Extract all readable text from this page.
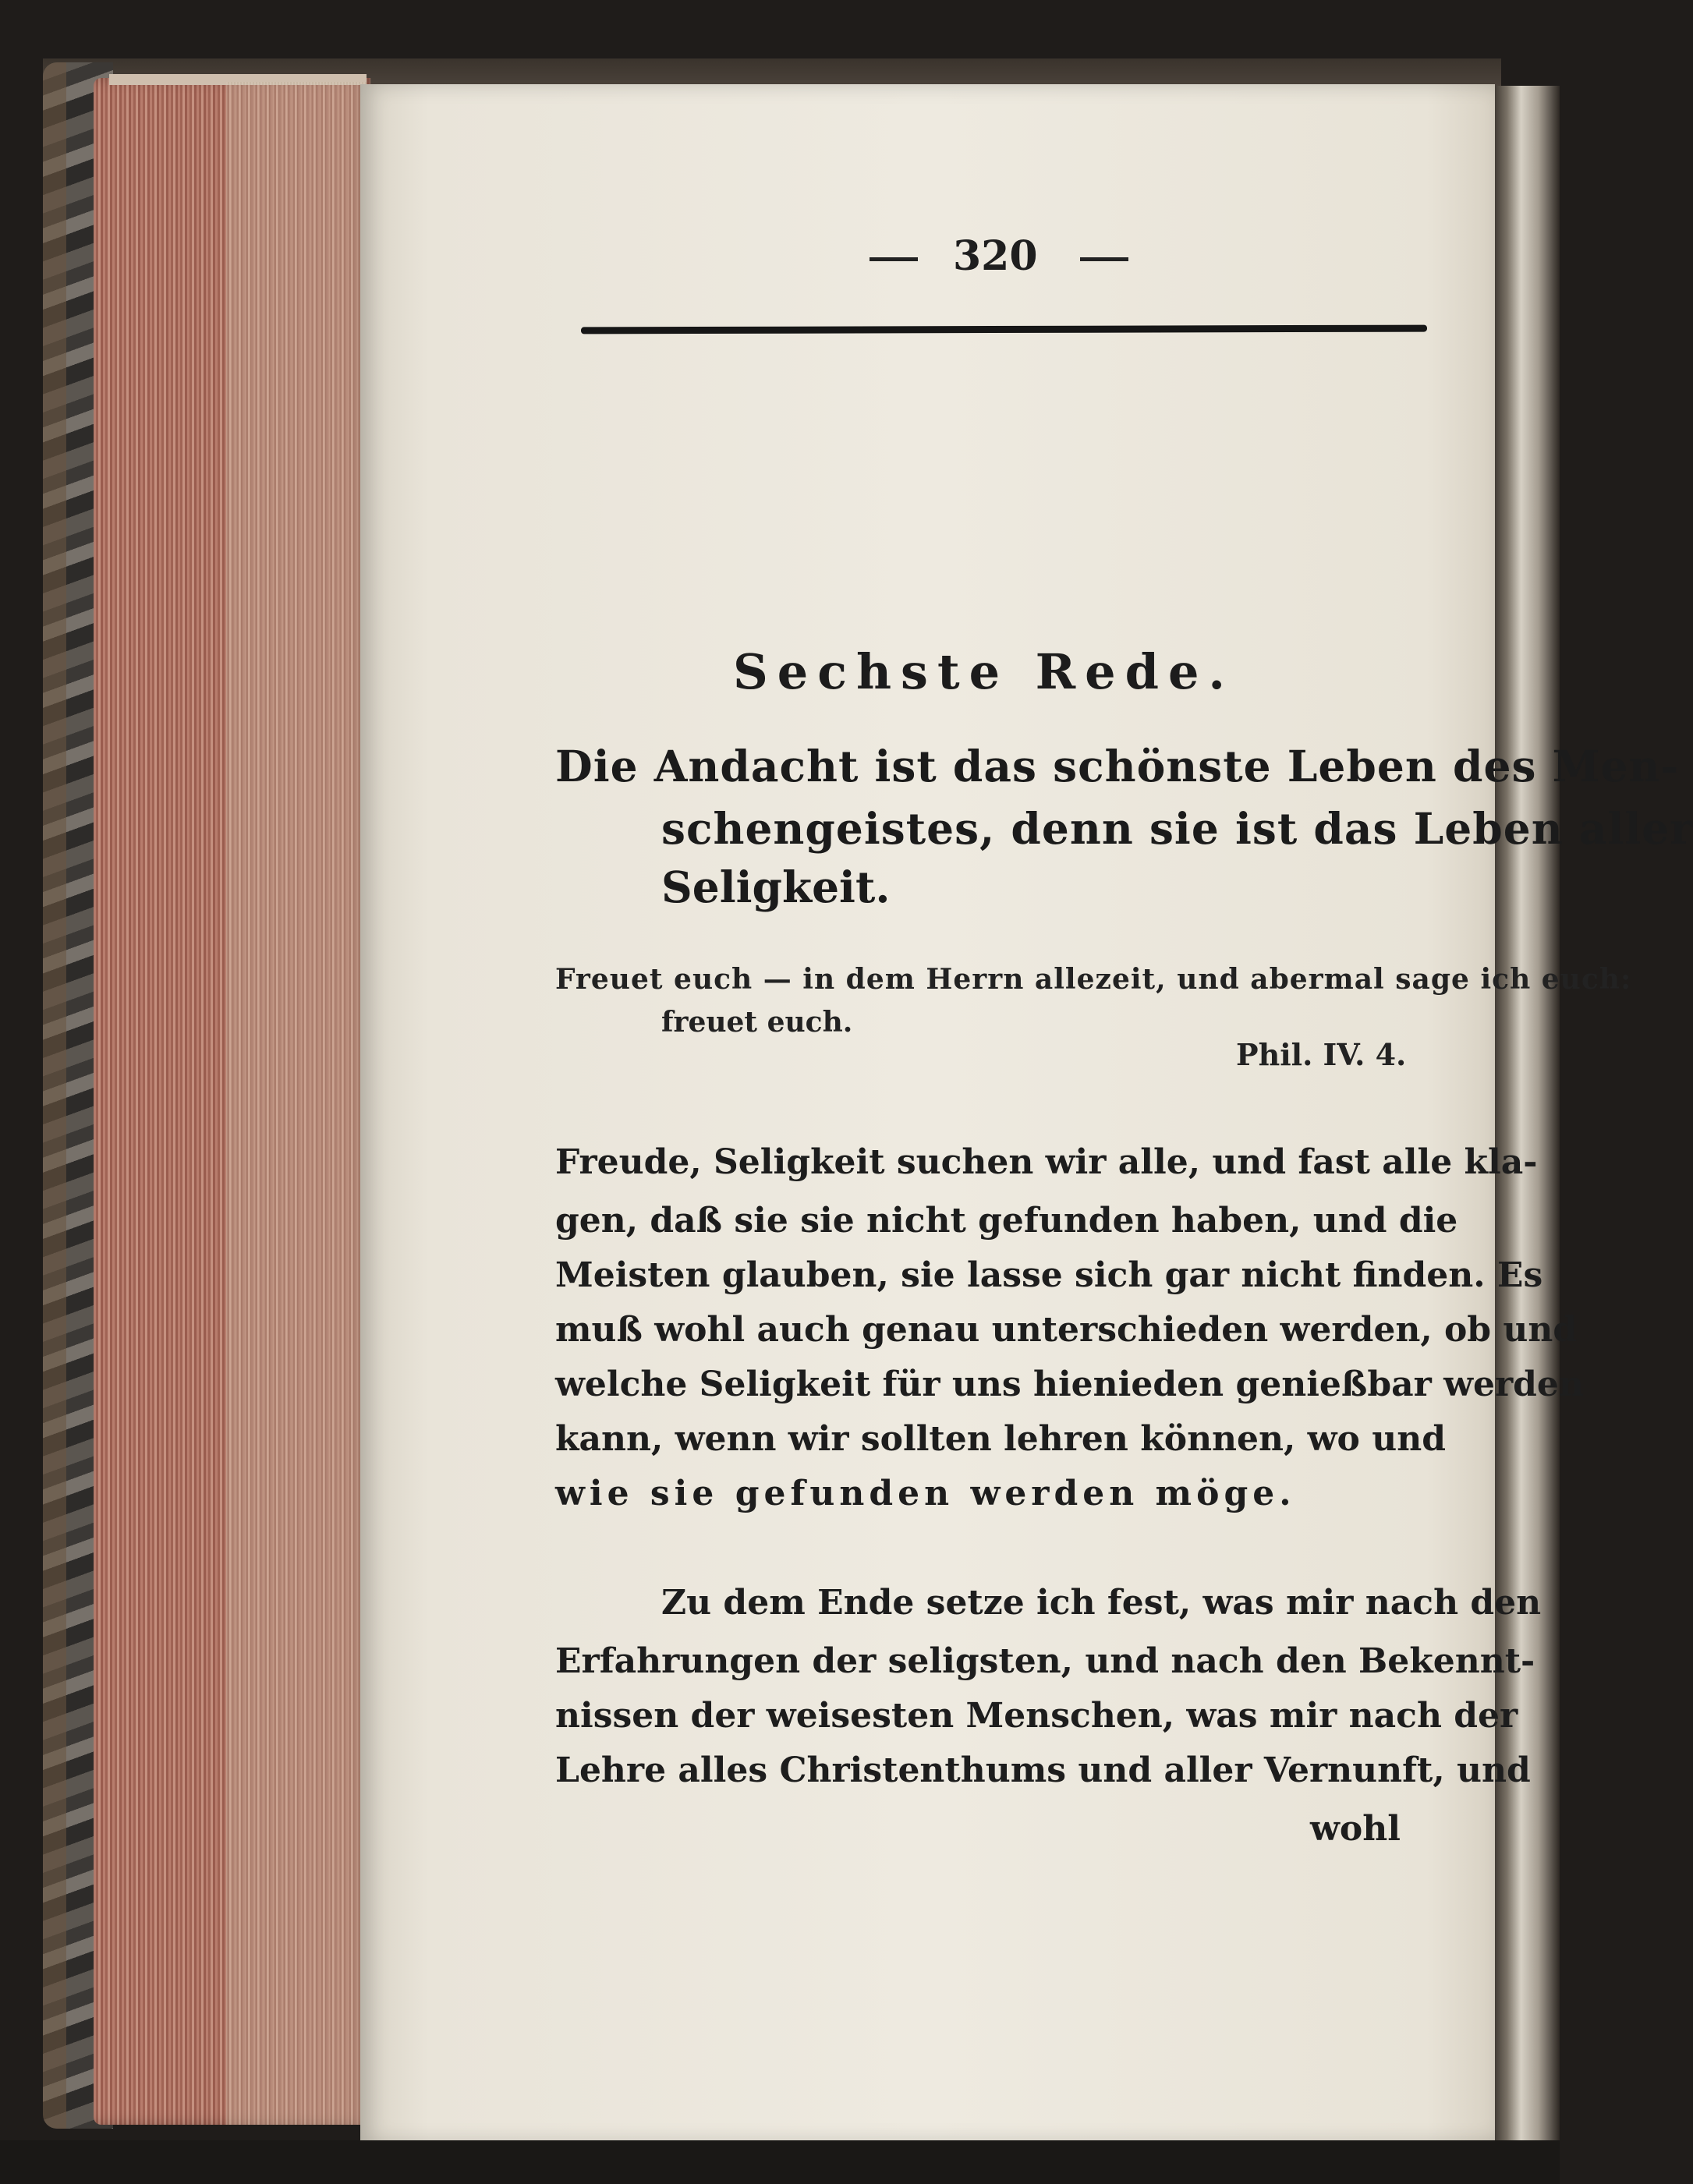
320
Sechste Rede.
Die Andacht ist das schönste Leben des Men-
schengeistes, denn sie ist das Leben aller
Seligkeit.
Freuet euch — in dem Herrn allezeit, und abermal sage ich euch:
freuet euch.
Phil. IV. 4.
Freude, Seligkeit suchen wir alle, und fast alle kla-
gen, daß sie sie nicht gefunden haben, und die
Meisten glauben, sie lasse sich gar nicht finden. Es
muß wohl auch genau unterschieden werden, ob und
welche Seligkeit für uns hienieden genießbar werden
kann, wenn wir sollten lehren können, wo und
wie sie gefunden werden möge.
Zu dem Ende setze ich fest, was mir nach den
Erfahrungen der seligsten, und nach den Bekennt-
nissen der weisesten Menschen, was mir nach der
Lehre alles Christenthums und aller Vernunft, und
wohl
